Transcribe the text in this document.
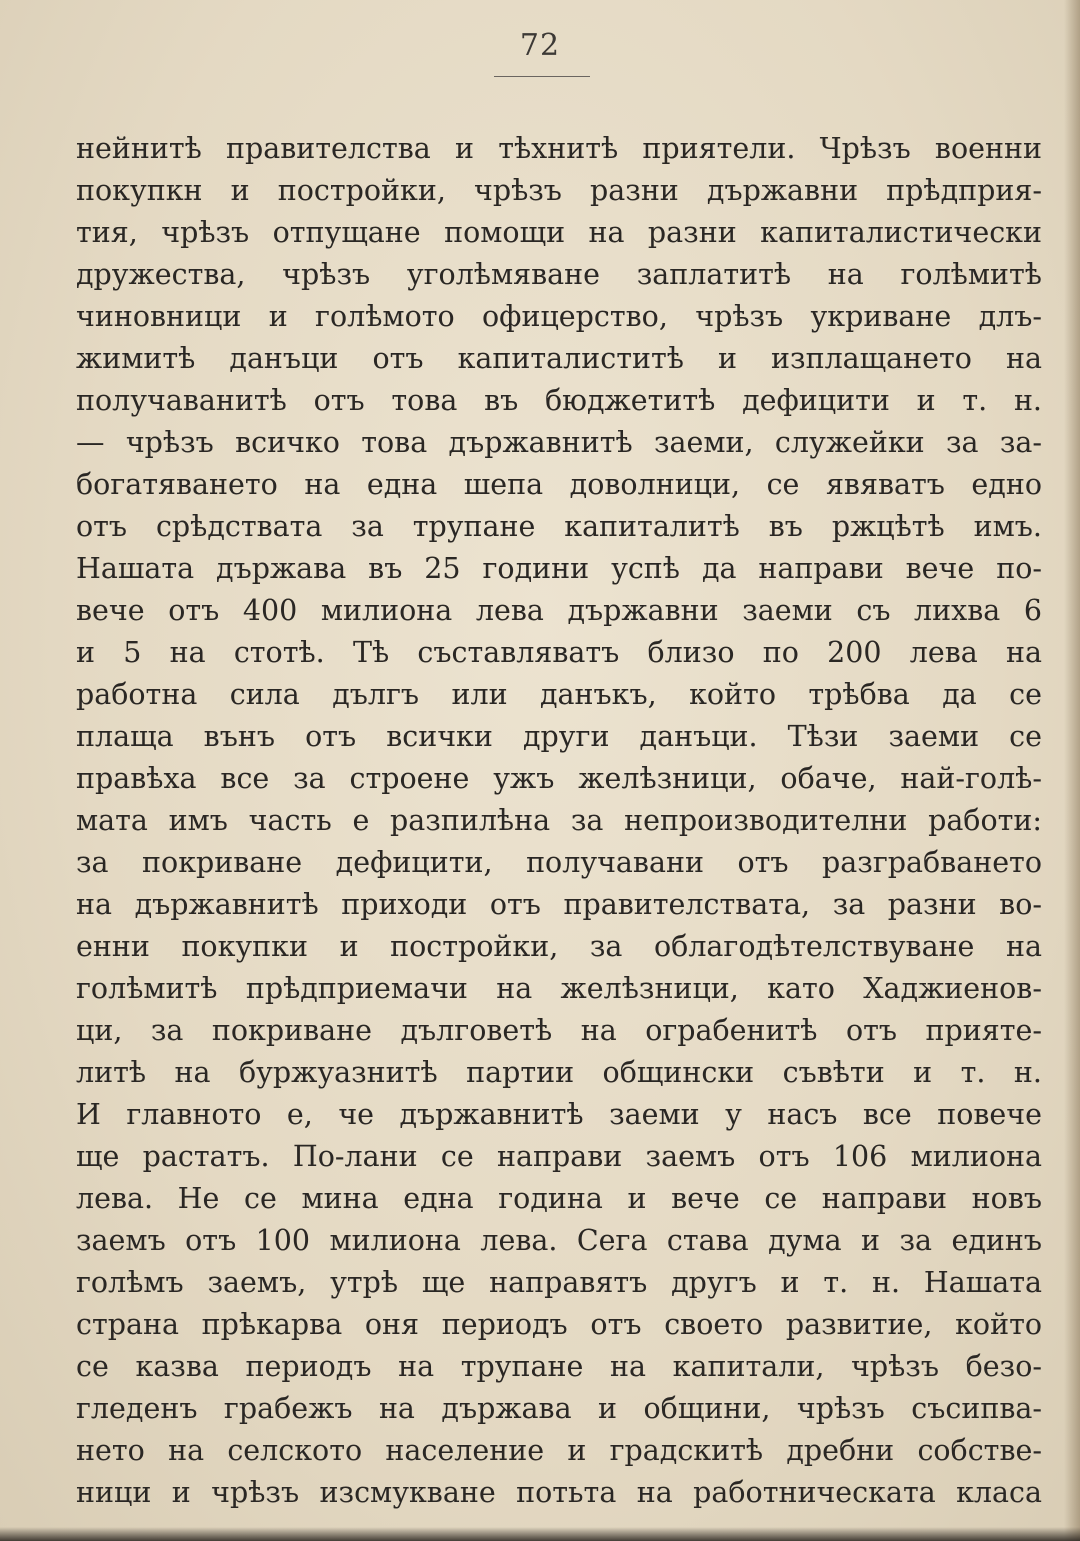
72
нейнитѣ правителства и тѣхнитѣ приятели. Чрѣзъ военни
покупкн и постройки, чрѣзъ разни държавни прѣдприя-
тия, чрѣзъ отпущане помощи на разни капиталистически
дружества, чрѣзъ уголѣмяване заплатитѣ на голѣмитѣ
чиновници и голѣмото офицерство, чрѣзъ укриване длъ-
жимитѣ данъци отъ капиталиститѣ и изплащането на
получаванитѣ отъ това въ бюджетитѣ дефицити и т. н.
— чрѣзъ всичко това държавнитѣ заеми, служейки за за-
богатяването на една шепа доволници, се явяватъ едно
отъ срѣдствата за трупане капиталитѣ въ ржцѣтѣ имъ.
Нашата държава въ 25 години успѣ да направи вече по-
вече отъ 400 милиона лева държавни заеми съ лихва 6
и 5 на стотѣ. Тѣ съставляватъ близо по 200 лева на
работна сила дългъ или данъкъ, който трѣбва да се
плаща вънъ отъ всички други данъци. Тѣзи заеми се
правѣха все за строене ужъ желѣзници, обаче, най-голѣ-
мата имъ часть е разпилѣна за непроизводителни работи:
за покриване дефицити, получавани отъ разграбването
на държавнитѣ приходи отъ правителствата, за разни во-
енни покупки и постройки, за облагодѣтелствуване на
голѣмитѣ прѣдприемачи на желѣзници, като Хаджиенов-
ци, за покриване дълговетѣ на ограбенитѣ отъ приятe-
литѣ на буржуазнитѣ партии общински съвѣти и т. н.
И главното е, че държавнитѣ заеми у насъ все повече
ще растатъ. По-лани се направи заемъ отъ 106 милиона
лева. Не се мина една година и вече се направи новъ
заемъ отъ 100 милиона лева. Сега става дума и за единъ
голѣмъ заемъ, утрѣ ще направятъ другъ и т. н. Нашата
страна прѣкарва оня периодъ отъ своето развитие, който
се казва периодъ на трупане на капитали, чрѣзъ безо-
гледенъ грабежъ на държава и общини, чрѣзъ съсипва-
нето на селското население и градскитѣ дребни собстве-
ници и чрѣзъ изсмукване потьта на работническата класа
